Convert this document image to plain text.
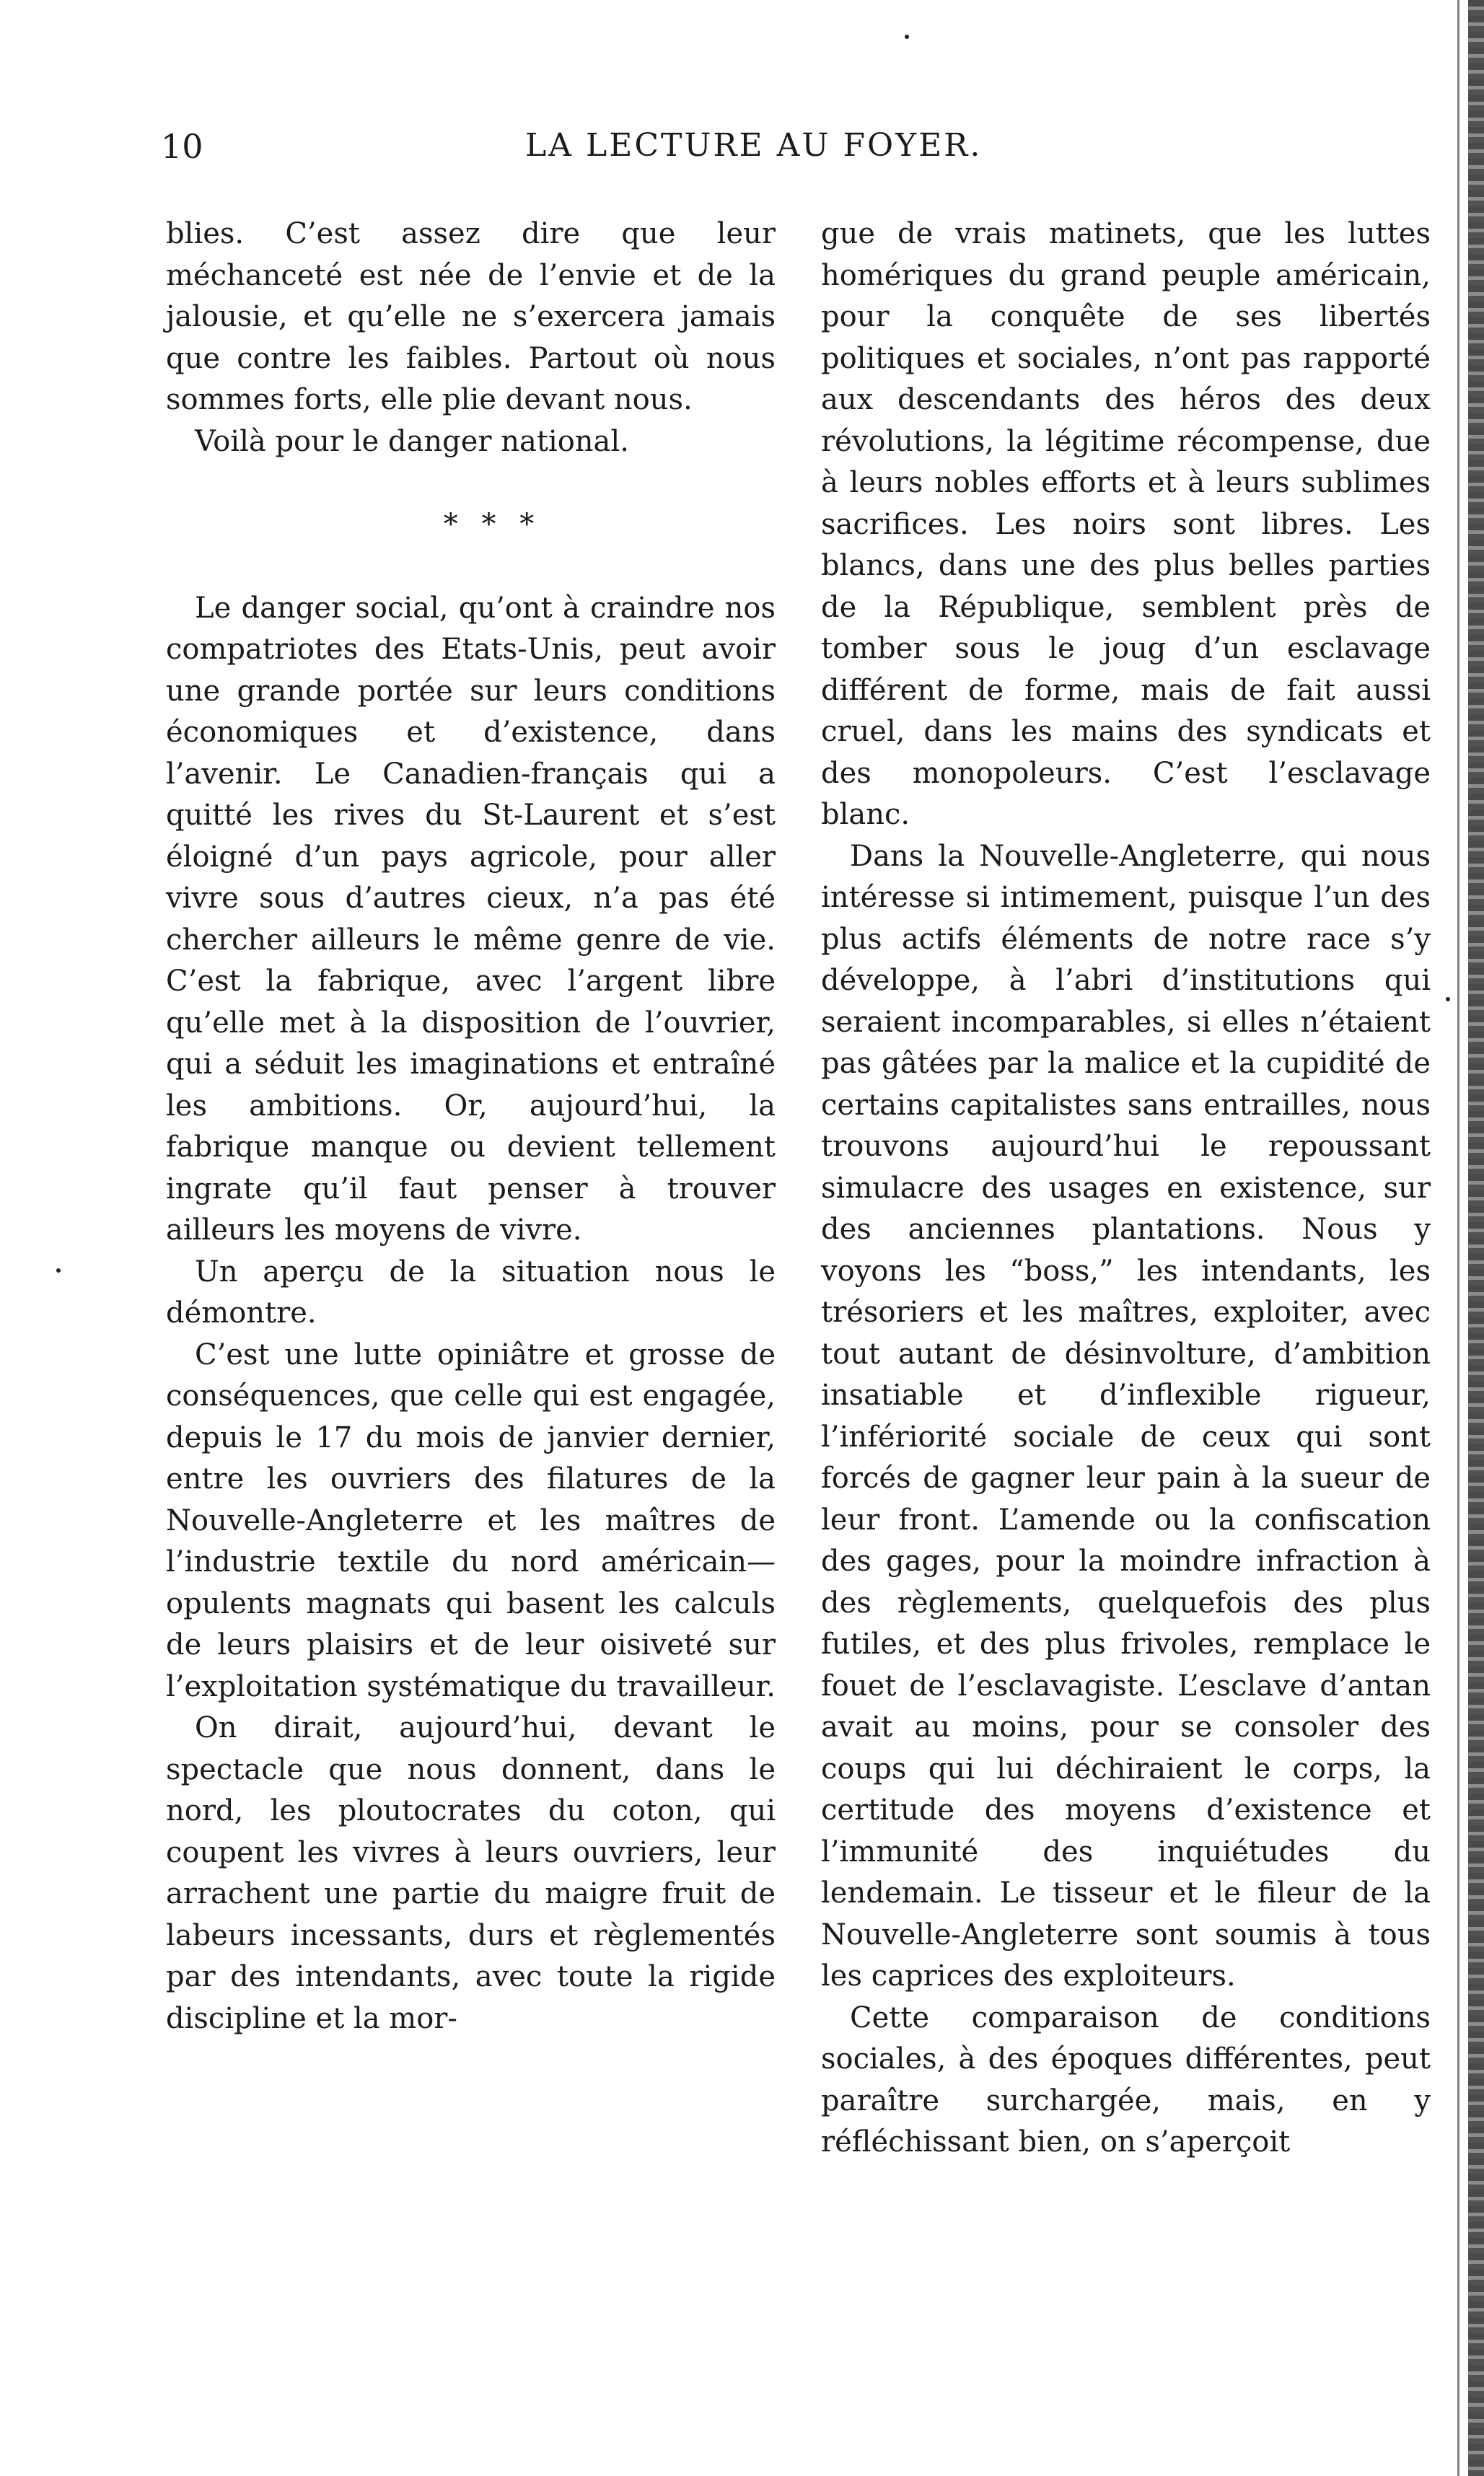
10	LA LECTURE AU FOYER.

blies. C’est assez dire que leur méchanceté est née de l’envie et de la jalousie, et qu’elle ne s’exercera jamais que contre les faibles. Partout où nous sommes forts, elle plie devant nous.

Voilà pour le danger national.

* * *

Le danger social, qu’ont à craindre nos compatriotes des Etats-Unis, peut avoir une grande portée sur leurs conditions économiques et d’existence, dans l’avenir. Le Canadien-français qui a quitté les rives du St-Laurent et s’est éloigné d’un pays agricole, pour aller vivre sous d’autres cieux, n’a pas été chercher ailleurs le même genre de vie. C’est la fabrique, avec l’argent libre qu’elle met à la disposition de l’ouvrier, qui a séduit les imaginations et entraîné les ambitions. Or, aujourd’hui, la fabrique manque ou devient tellement ingrate qu’il faut penser à trouver ailleurs les moyens de vivre.

Un aperçu de la situation nous le démontre.

C’est une lutte opiniâtre et grosse de conséquences, que celle qui est engagée, depuis le 17 du mois de janvier dernier, entre les ouvriers des filatures de la Nouvelle-Angleterre et les maîtres de l’industrie textile du nord américain—opulents magnats qui basent les calculs de leurs plaisirs et de leur oisiveté sur l’exploitation systématique du travailleur.

On dirait, aujourd’hui, devant le spectacle que nous donnent, dans le nord, les ploutocrates du coton, qui coupent les vivres à leurs ouvriers, leur arrachent une partie du maigre fruit de labeurs incessants, durs et règlementés par des intendants, avec toute la rigide discipline et la mor-

gue de vrais matinets, que les luttes homériques du grand peuple américain, pour la conquête de ses libertés politiques et sociales, n’ont pas rapporté aux descendants des héros des deux révolutions, la légitime récompense, due à leurs nobles efforts et à leurs sublimes sacrifices. Les noirs sont libres. Les blancs, dans une des plus belles parties de la République, semblent près de tomber sous le joug d’un esclavage différent de forme, mais de fait aussi cruel, dans les mains des syndicats et des monopoleurs. C’est l’esclavage blanc.

Dans la Nouvelle-Angleterre, qui nous intéresse si intimement, puisque l’un des plus actifs éléments de notre race s’y développe, à l’abri d’institutions qui seraient incomparables, si elles n’étaient pas gâtées par la malice et la cupidité de certains capitalistes sans entrailles, nous trouvons aujourd’hui le repoussant simulacre des usages en existence, sur des anciennes plantations. Nous y voyons les “boss,” les intendants, les trésoriers et les maîtres, exploiter, avec tout autant de désinvolture, d’ambition insatiable et d’inflexible rigueur, l’infériorité sociale de ceux qui sont forcés de gagner leur pain à la sueur de leur front. L’amende ou la confiscation des gages, pour la moindre infraction à des règlements, quelquefois des plus futiles, et des plus frivoles, remplace le fouet de l’esclavagiste. L’esclave d’antan avait au moins, pour se consoler des coups qui lui déchiraient le corps, la certitude des moyens d’existence et l’immunité des inquiétudes du lendemain. Le tisseur et le fileur de la Nouvelle-Angleterre sont soumis à tous les caprices des exploiteurs.

Cette comparaison de conditions sociales, à des époques différentes, peut paraître surchargée, mais, en y réfléchissant bien, on s’aperçoit
